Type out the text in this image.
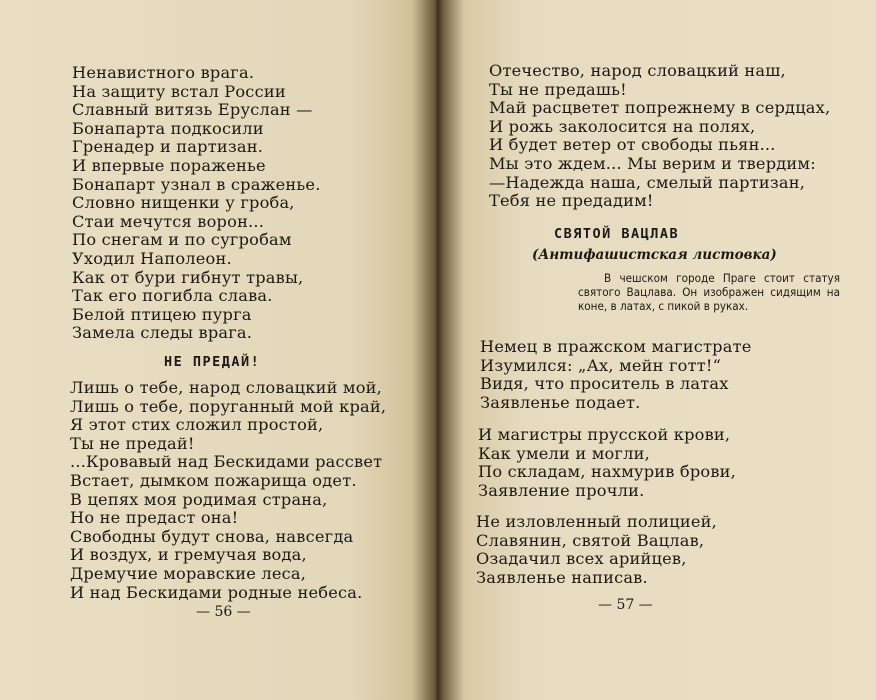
Ненавистного врага.
На защиту встал России
Славный витязь Еруслан —
Бонапарта подкосили
Гренадер и партизан.
И впервые пораженье
Бонапарт узнал в сраженье.
Словно нищенки у гроба,
Стаи мечутся ворон...
По снегам и по сугробам
Уходил Наполеон.
Как от бури гибнут травы,
Так его погибла слава.
Белой птицею пурга
Замела следы врага.
НЕ ПРЕДАЙ!
Лишь о тебе, народ словацкий мой,
Лишь о тебе, поруганный мой край,
Я этот стих сложил простой,
Ты не предай!
...Кровавый над Бескидами рассвет
Встает, дымком пожарища одет.
В цепях моя родимая страна,
Но не предаст она!
Свободны будут снова, навсегда
И воздух, и гремучая вода,
Дремучие моравские леса,
И над Бескидами родные небеса.
— 56 —
Отечество, народ словацкий наш,
Ты не предашь!
Май расцветет попрежнему в сердцах,
И рожь заколосится на полях,
И будет ветер от свободы пьян...
Мы это ждем... Мы верим и твердим:
—Надежда наша, смелый партизан,
Тебя не предадим!
СВЯТОЙ ВАЦЛАВ
(Антифашистская листовка)
В чешском городе Праге стоит статуя святого Вацлава. Он изображен сидящим на коне, в латах, с пикой в руках.
Немец в пражском магистрате
Изумился: „Ах, мейн готт!“
Видя, что проситель в латах
Заявленье подает.
И магистры прусской крови,
Как умели и могли,
По складам, нахмурив брови,
Заявление прочли.
Не изловленный полицией,
Славянин, святой Вацлав,
Озадачил всех арийцев,
Заявленье написав.
— 57 —
